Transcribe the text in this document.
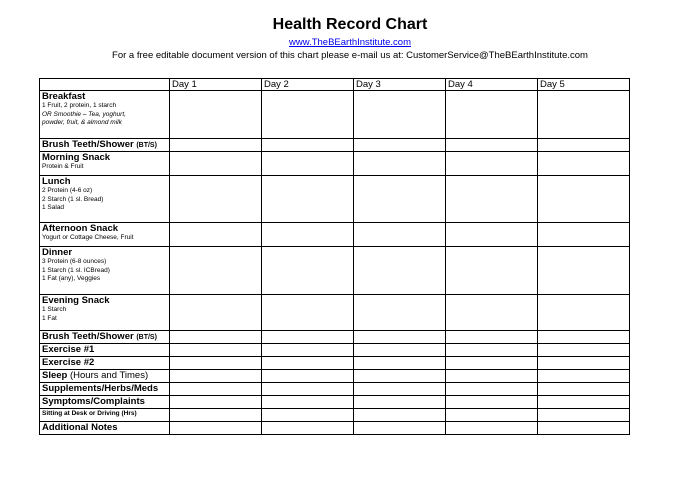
Health Record Chart
www.TheBEarthInstitute.com
For a free editable document version of this chart please e-mail us at: CustomerService@TheBEarthInstitute.com
	Day 1	Day 2	Day 3	Day 4	Day 5

Breakfast
1 Fruit, 2 protein, 1 starch
OR Smoothie – Tea, yoghurt,
powder, fruit, & almond milk					

Brush Teeth/Shower (BT/S)					

Morning Snack
Protein & Fruit					

Lunch
2 Protein (4-6 oz)
2 Starch (1 sl. Bread)
1 Salad					

Afternoon Snack
Yogurt or Cottage Cheese, Fruit					

Dinner
3 Protein (6-8 ounces)
1 Starch (1 sl. ICBread)
1 Fat (any), Veggies					

Evening Snack
1 Starch
1 Fat					

Brush Teeth/Shower (BT/S)					

Exercise #1					

Exercise #2					

Sleep (Hours and Times)					

Supplements/Herbs/Meds					

Symptoms/Complaints					

Sitting at Desk or Driving (Hrs)					

Additional Notes					
